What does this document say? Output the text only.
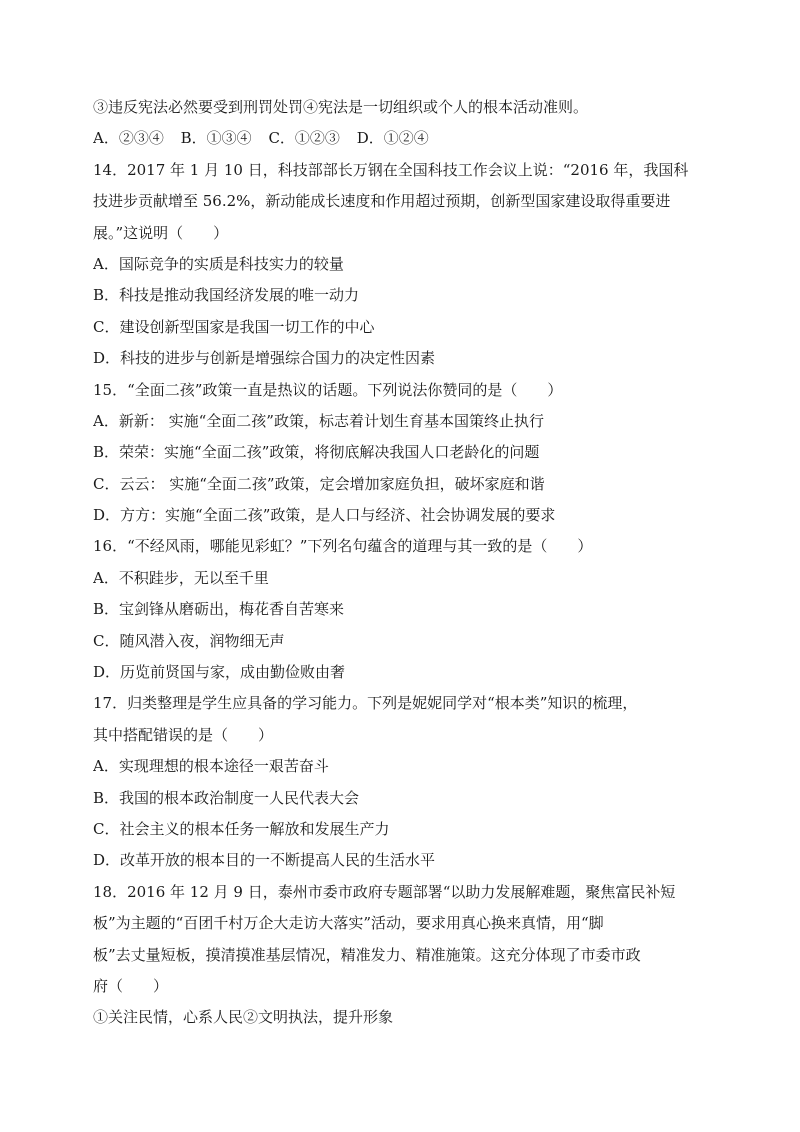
③违反宪法必然要受到刑罚处罚④宪法是一切组织或个人的根本活动准则。
A．②③④ B．①③④ C．①②③ D．①②④
14．2017 年 1 月 10 日，科技部部长万钢在全国科技工作会议上说：“2016 年，我国科
技进步贡献增至 56.2%，新动能成长速度和作用超过预期，创新型国家建设取得重要进
展。”这说明（　　）
A．国际竞争的实质是科技实力的较量
B．科技是推动我国经济发展的唯一动力
C．建设创新型国家是我国一切工作的中心
D．科技的进步与创新是增强综合国力的决定性因素
15．“全面二孩”政策一直是热议的话题。下列说法你赞同的是（　　）
A．新新： 实施“全面二孩”政策，标志着计划生育基本国策终止执行
B．荣荣：实施“全面二孩”政策，将彻底解决我国人口老龄化的问题
C．云云： 实施“全面二孩”政策，定会增加家庭负担，破坏家庭和谐
D．方方：实施“全面二孩”政策，是人口与经济、社会协调发展的要求
16．“不经风雨，哪能见彩虹？”下列名句蕴含的道理与其一致的是（　　）
A．不积跬步，无以至千里
B．宝剑锋从磨砺出，梅花香自苦寒来
C．随风潜入夜，润物细无声
D．历览前贤国与家，成由勤俭败由奢
17．归类整理是学生应具备的学习能力。下列是妮妮同学对“根本类”知识的梳理，
其中搭配错误的是（　　）
A．实现理想的根本途径一艰苦奋斗
B．我国的根本政治制度一人民代表大会
C．社会主义的根本任务一解放和发展生产力
D．改革开放的根本目的一不断提高人民的生活水平
18．2016 年 12 月 9 日，泰州市委市政府专题部署“以助力发展解难题，聚焦富民补短
板”为主题的“百团千村万企大走访大落实”活动，要求用真心换来真情，用“脚
板”去丈量短板，摸清摸准基层情况，精准发力、精准施策。这充分体现了市委市政
府（　　）
①关注民情，心系人民②文明执法，提升形象
